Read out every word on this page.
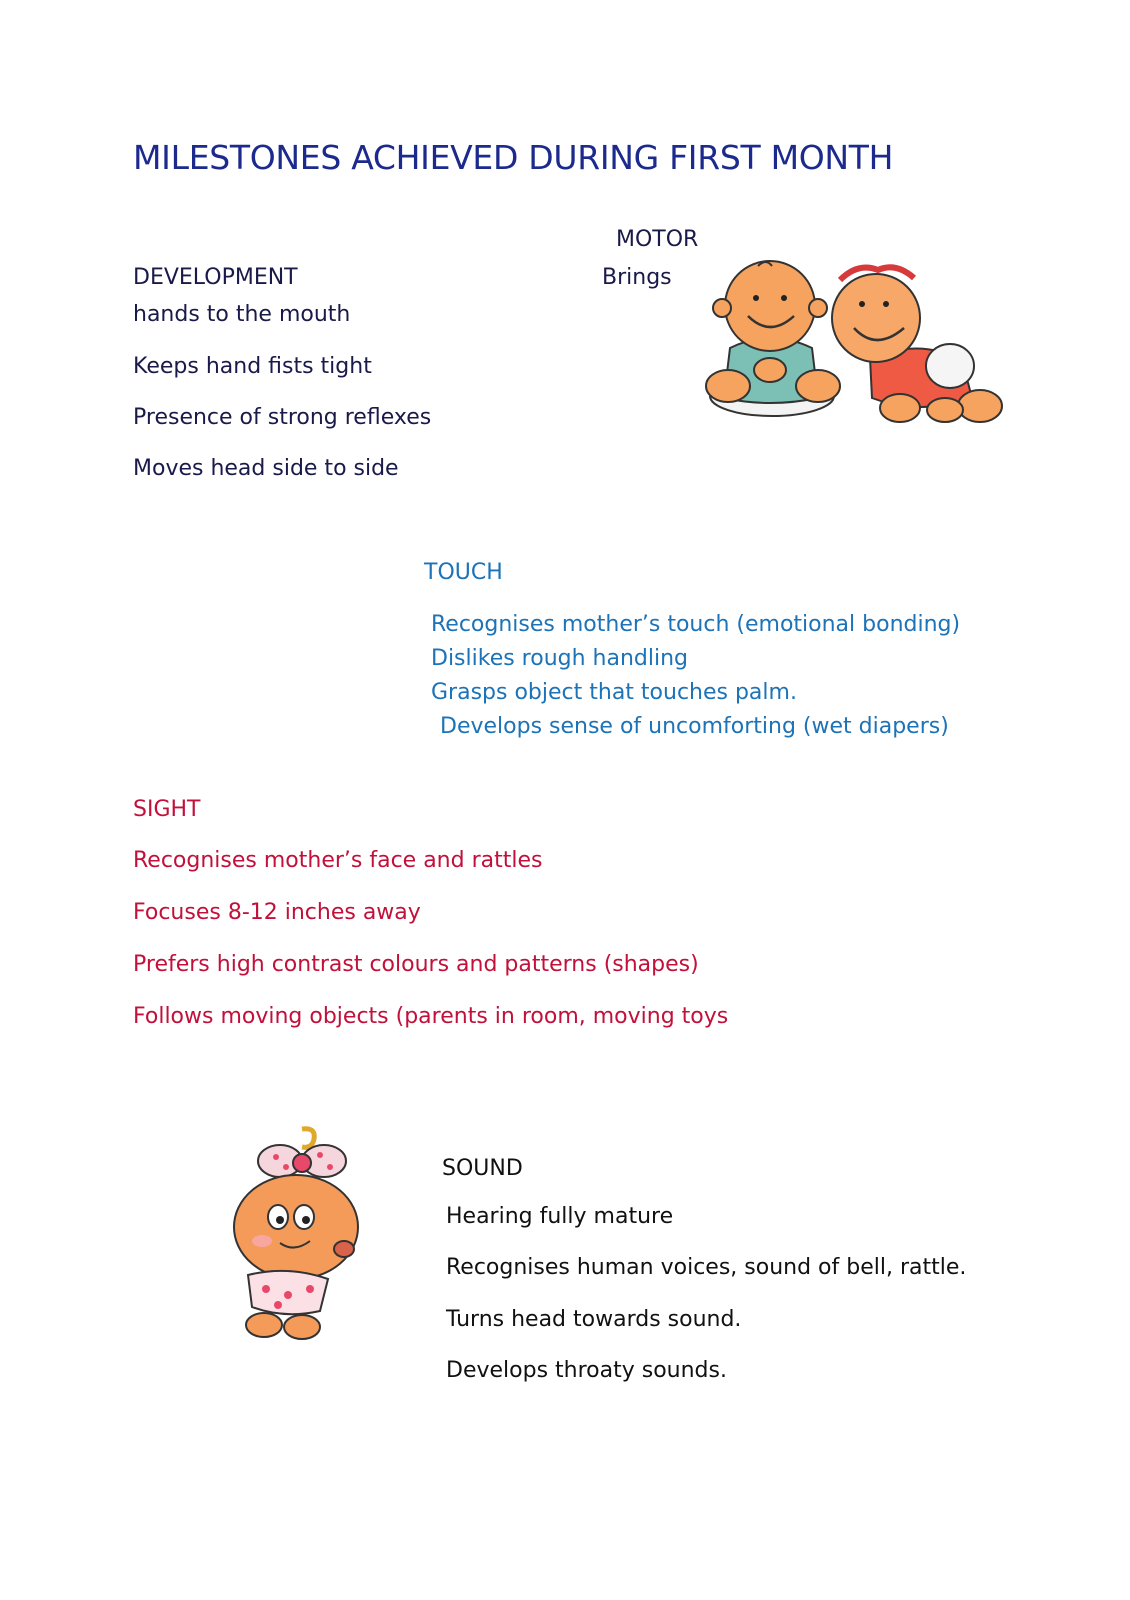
MILESTONES ACHIEVED DURING FIRST MONTH
MOTOR
DEVELOPMENT	Brings
hands to the mouth
Keeps hand fists tight
Presence of strong reflexes
Moves head side to side
TOUCH
Recognises mother’s touch (emotional bonding)
Dislikes rough handling
Grasps object that touches palm.
Develops sense of uncomforting (wet diapers)
SIGHT
Recognises mother’s face and rattles
Focuses 8-12 inches away
Prefers high contrast colours and patterns (shapes)
Follows moving objects (parents in room, moving toys
SOUND
Hearing fully mature
Recognises human voices, sound of bell, rattle.
Turns head towards sound.
Develops throaty sounds.
